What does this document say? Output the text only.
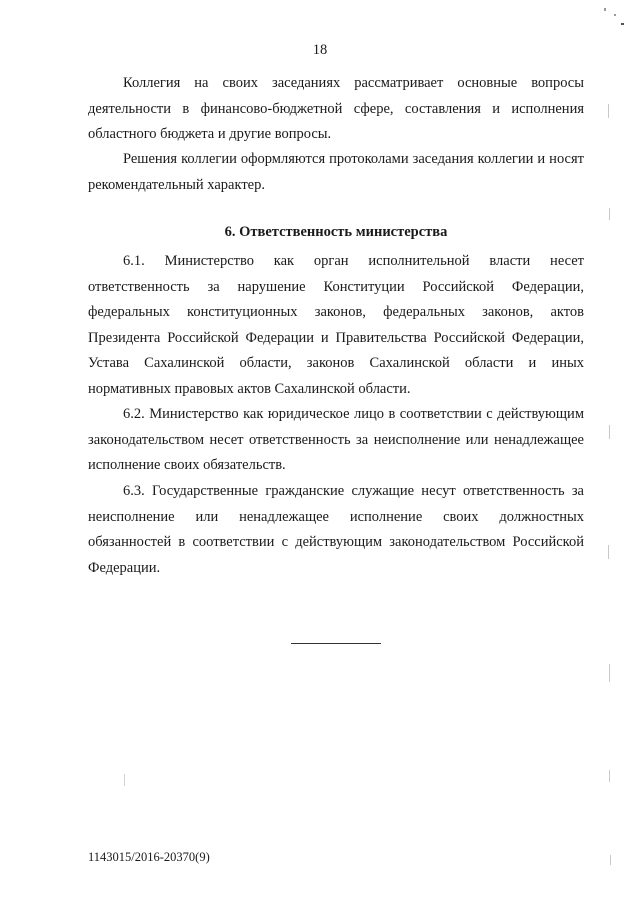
18

Коллегия на своих заседаниях рассматривает основные вопросы деятельности в финансово-бюджетной сфере, составления и исполнения областного бюджета и другие вопросы.

Решения коллегии оформляются протоколами заседания коллегии и носят рекомендательный характер.

6. Ответственность министерства

6.1. Министерство как орган исполнительной власти несет ответственность за нарушение Конституции Российской Федерации, федеральных конституционных законов, федеральных законов, актов Президента Российской Федерации и Правительства Российской Федерации, Устава Сахалинской области, законов Сахалинской области и иных нормативных правовых актов Сахалинской области.

6.2. Министерство как юридическое лицо в соответствии с действующим законодательством несет ответственность за неисполнение или ненадлежащее исполнение своих обязательств.

6.3. Государственные гражданские служащие несут ответственность за неисполнение или ненадлежащее исполнение своих должностных обязанностей в соответствии с действующим законодательством Российской Федерации.

1143015/2016-20370(9)
